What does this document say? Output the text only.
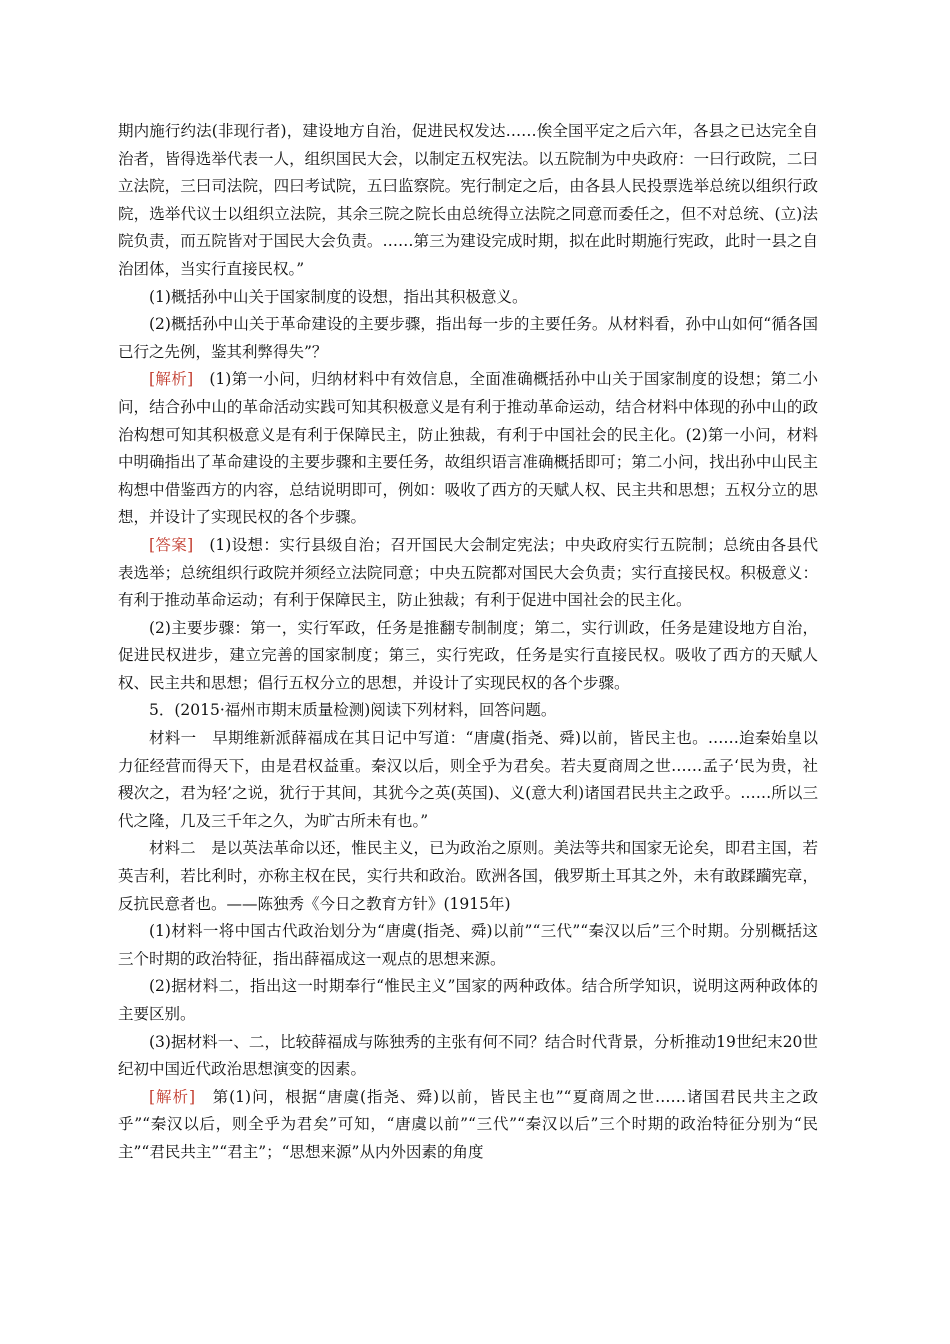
期内施行约法(非现行者)，建设地方自治，促进民权发达……俟全国平定之后六年，各县之已达完全自治者，皆得选举代表一人，组织国民大会，以制定五权宪法。以五院制为中央政府：一曰行政院，二曰立法院，三曰司法院，四曰考试院，五曰监察院。宪行制定之后，由各县人民投票选举总统以组织行政院，选举代议士以组织立法院，其余三院之院长由总统得立法院之同意而委任之，但不对总统、(立)法院负责，而五院皆对于国民大会负责。……第三为建设完成时期，拟在此时期施行宪政，此时一县之自治团体，当实行直接民权。”

(1)概括孙中山关于国家制度的设想，指出其积极意义。

(2)概括孙中山关于革命建设的主要步骤，指出每一步的主要任务。从材料看，孙中山如何“循各国已行之先例，鉴其利弊得失”？

[解析]　(1)第一小问，归纳材料中有效信息，全面准确概括孙中山关于国家制度的设想；第二小问，结合孙中山的革命活动实践可知其积极意义是有利于推动革命运动，结合材料中体现的孙中山的政治构想可知其积极意义是有利于保障民主，防止独裁，有利于中国社会的民主化。(2)第一小问，材料中明确指出了革命建设的主要步骤和主要任务，故组织语言准确概括即可；第二小问，找出孙中山民主构想中借鉴西方的内容，总结说明即可，例如：吸收了西方的天赋人权、民主共和思想；五权分立的思想，并设计了实现民权的各个步骤。

[答案]　(1)设想：实行县级自治；召开国民大会制定宪法；中央政府实行五院制；总统由各县代表选举；总统组织行政院并须经立法院同意；中央五院都对国民大会负责；实行直接民权。积极意义：有利于推动革命运动；有利于保障民主，防止独裁；有利于促进中国社会的民主化。

(2)主要步骤：第一，实行军政，任务是推翻专制制度；第二，实行训政，任务是建设地方自治，促进民权进步，建立完善的国家制度；第三，实行宪政，任务是实行直接民权。吸收了西方的天赋人权、民主共和思想；倡行五权分立的思想，并设计了实现民权的各个步骤。

5．(2015·福州市期末质量检测)阅读下列材料，回答问题。

材料一　早期维新派薛福成在其日记中写道：“唐虞(指尧、舜)以前，皆民主也。……迨秦始皇以力征经营而得天下，由是君权益重。秦汉以后，则全乎为君矣。若夫夏商周之世……孟子‘民为贵，社稷次之，君为轻’之说，犹行于其间，其犹今之英(英国)、义(意大利)诸国君民共主之政乎。……所以三代之隆，几及三千年之久，为旷古所未有也。”

材料二　是以英法革命以还，惟民主义，已为政治之原则。美法等共和国家无论矣，即君主国，若英吉利，若比利时，亦称主权在民，实行共和政治。欧洲各国，俄罗斯土耳其之外，未有敢蹂躏宪章，反抗民意者也。——陈独秀《今日之教育方针》(1915年)

(1)材料一将中国古代政治划分为“唐虞(指尧、舜)以前”“三代”“秦汉以后”三个时期。分别概括这三个时期的政治特征，指出薛福成这一观点的思想来源。

(2)据材料二，指出这一时期奉行“惟民主义”国家的两种政体。结合所学知识，说明这两种政体的主要区别。

(3)据材料一、二，比较薛福成与陈独秀的主张有何不同？结合时代背景，分析推动19世纪末20世纪初中国近代政治思想演变的因素。

[解析]　第(1)问，根据“唐虞(指尧、舜)以前，皆民主也”“夏商周之世……诸国君民共主之政乎”“秦汉以后，则全乎为君矣”可知，“唐虞以前”“三代”“秦汉以后”三个时期的政治特征分别为“民主”“君民共主”“君主”；“思想来源”从内外因素的角度
